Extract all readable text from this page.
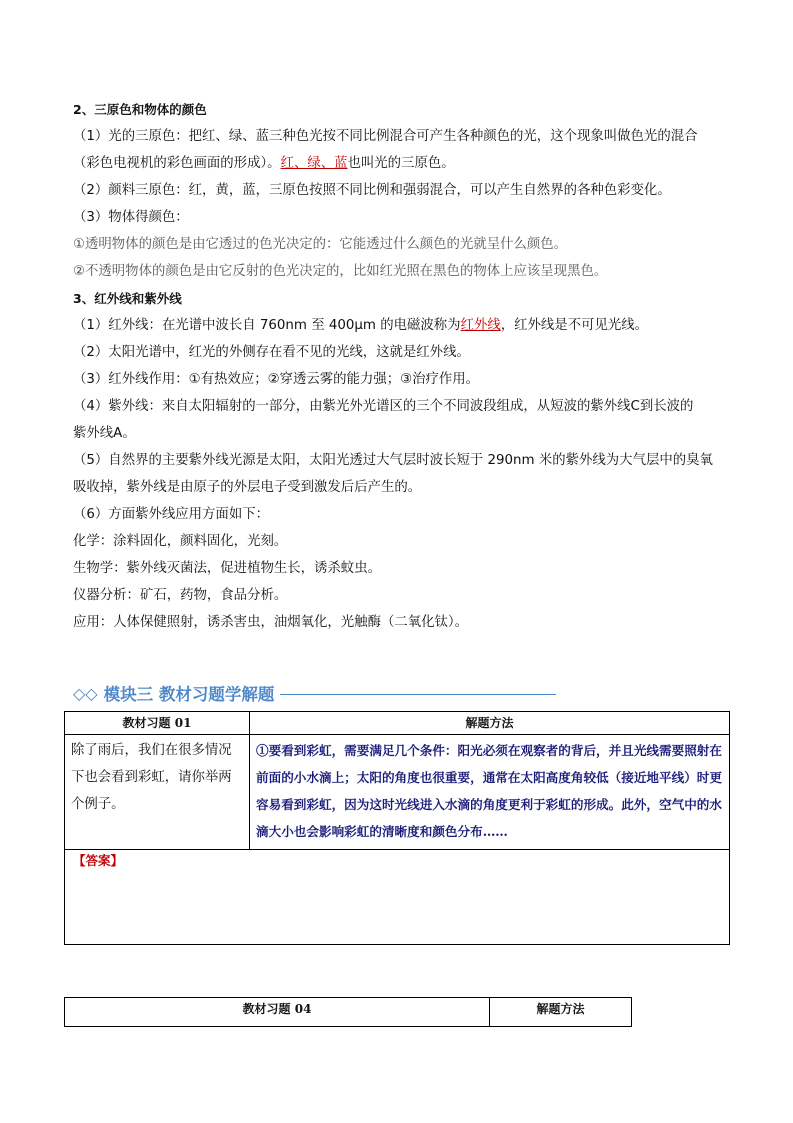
2、三原色和物体的颜色
（1）光的三原色：把红、绿、蓝三种色光按不同比例混合可产生各种颜色的光，这个现象叫做色光的混合
（彩色电视机的彩色画面的形成）。红、绿、蓝也叫光的三原色。
（2）颜料三原色：红，黄，蓝，三原色按照不同比例和强弱混合，可以产生自然界的各种色彩变化。
（3）物体得颜色：
①透明物体的颜色是由它透过的色光决定的：它能透过什么颜色的光就呈什么颜色。
②不透明物体的颜色是由它反射的色光决定的，比如红光照在黑色的物体上应该呈现黑色。
3、红外线和紫外线
（1）红外线：在光谱中波长自 760nm 至 400μm 的电磁波称为红外线，红外线是不可见光线。
（2）太阳光谱中，红光的外侧存在看不见的光线，这就是红外线。
（3）红外线作用：①有热效应；②穿透云雾的能力强；③治疗作用。
（4）紫外线：来自太阳辐射的一部分，由紫光外光谱区的三个不同波段组成，从短波的紫外线C到长波的
紫外线A。
（5）自然界的主要紫外线光源是太阳，太阳光透过大气层时波长短于 290nm 米的紫外线为大气层中的臭氧
吸收掉，紫外线是由原子的外层电子受到激发后后产生的。
（6）方面紫外线应用方面如下：
化学：涂料固化，颜料固化，光刻。
生物学：紫外线灭菌法，促进植物生长，诱杀蚊虫。
仪器分析：矿石，药物，食品分析。
应用：人体保健照射，诱杀害虫，油烟氧化，光触酶（二氧化钛）。
◇◇ 模块三 教材习题学解题
教材习题 01	解题方法
除了雨后，我们在很多情况下也会看到彩虹，请你举两个例子。	①要看到彩虹，需要满足几个条件：阳光必须在观察者的背后，并且光线需要照射在前面的小水滴上；太阳的角度也很重要，通常在太阳高度角较低（接近地平线）时更容易看到彩虹，因为这时光线进入水滴的角度更利于彩虹的形成。此外，空气中的水滴大小也会影响彩虹的清晰度和颜色分布……

【答案】	
教材习题 04	解题方法
